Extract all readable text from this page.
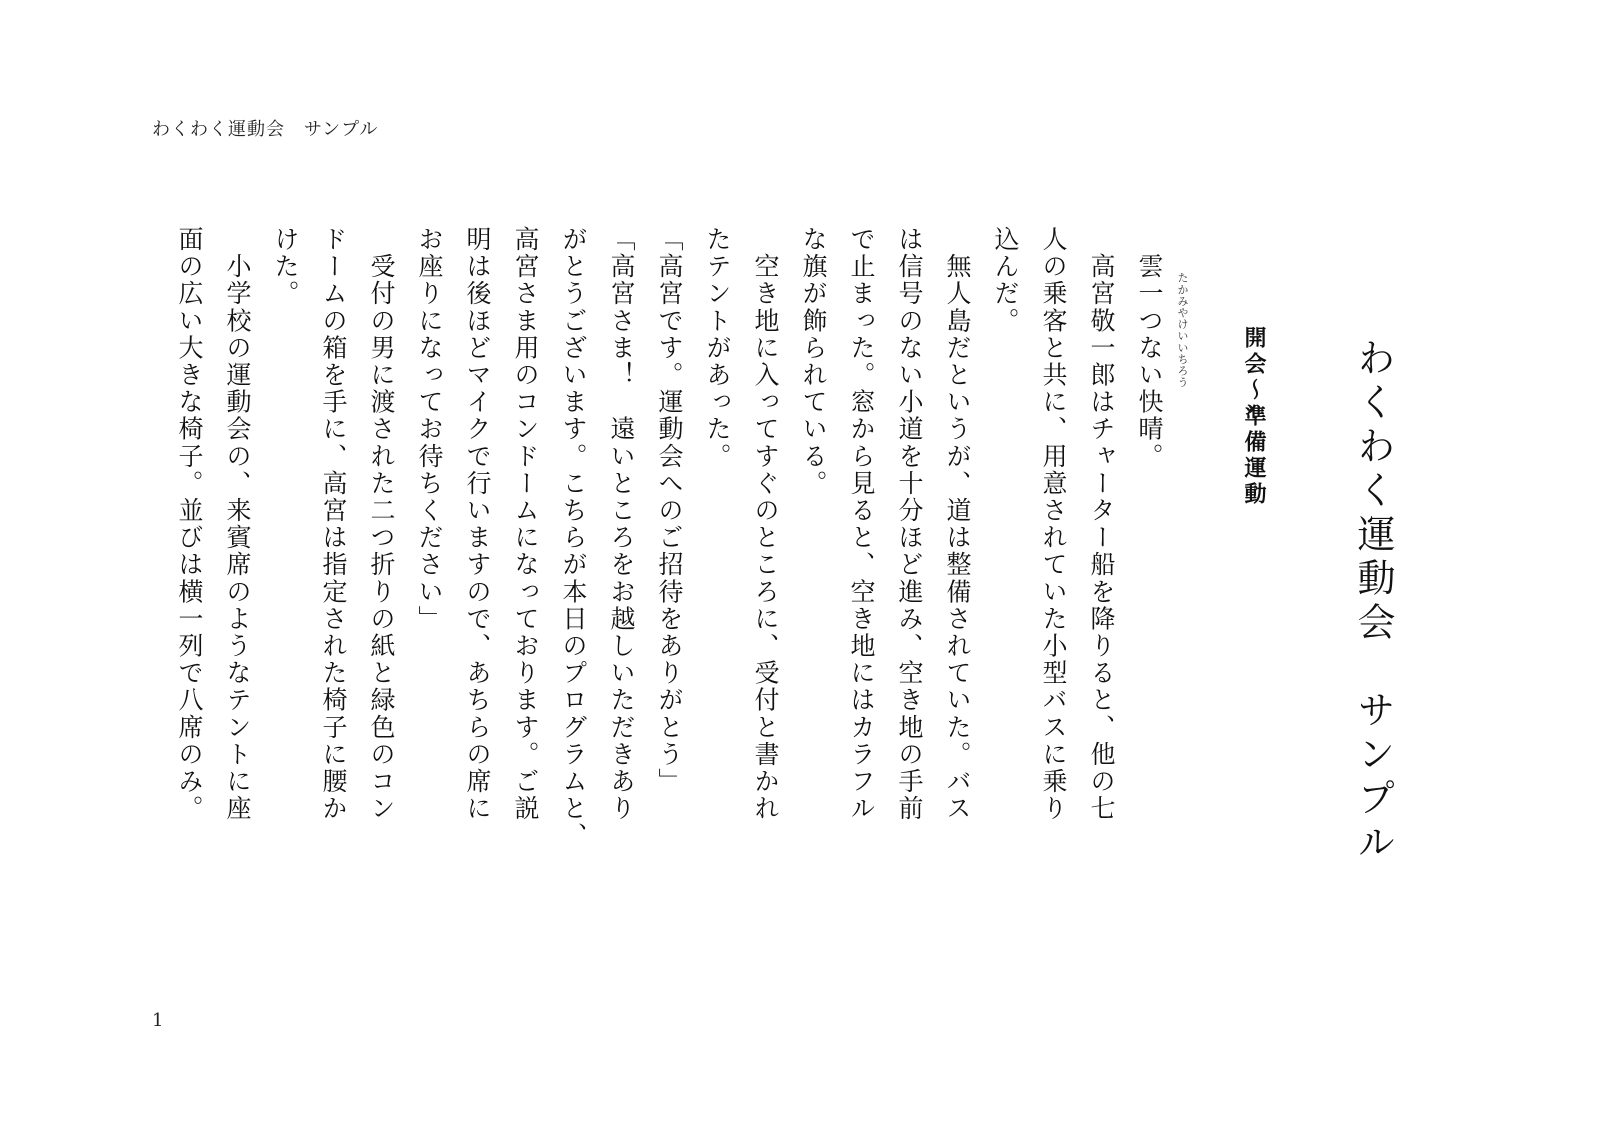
わくわく運動会　サンプル
わくわく運動会　サンプル
開会～準備運動
たかみやけいいちろう
　雲一つない快晴。
　高宮敬一郎はチャーター船を降りると、他の七
人の乗客と共に、用意されていた小型バスに乗り
込んだ。
　無人島だというが、道は整備されていた。バス
は信号のない小道を十分ほど進み、空き地の手前
で止まった。窓から見ると、空き地にはカラフル
な旗が飾られている。
　空き地に入ってすぐのところに、受付と書かれ
たテントがあった。
「高宮です。運動会へのご招待をありがとう」
「高宮さま！　遠いところをお越しいただきあり
がとうございます。こちらが本日のプログラムと、
高宮さま用のコンドームになっております。ご説
明は後ほどマイクで行いますので、あちらの席に
お座りになってお待ちください」
　受付の男に渡された二つ折りの紙と緑色のコン
ドームの箱を手に、高宮は指定された椅子に腰か
けた。
　小学校の運動会の、来賓席のようなテントに座
面の広い大きな椅子。並びは横一列で八席のみ。
1
